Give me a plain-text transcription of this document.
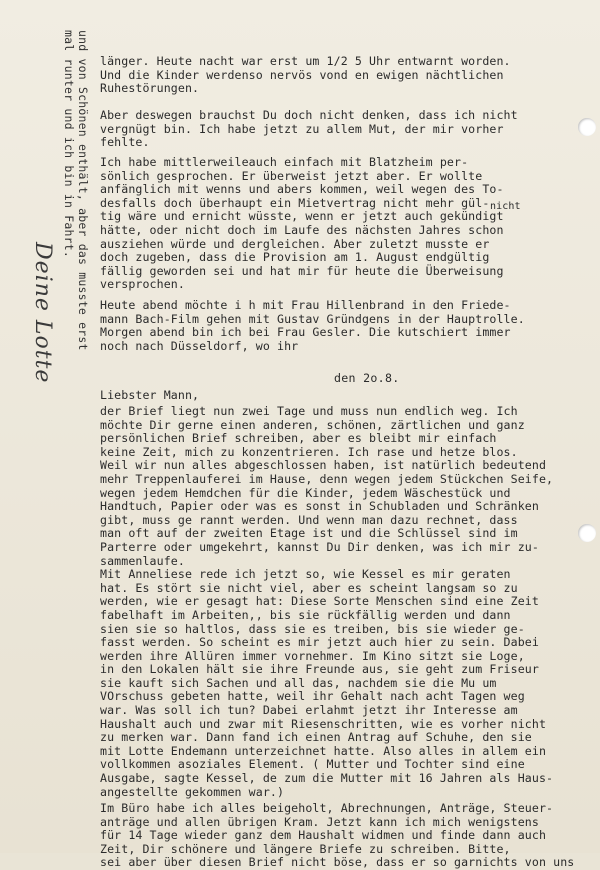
und von Schönen enthält, aber das musste erst
mal runter und ich bin in Fahrt.
Deine Lotte
länger. Heute nacht war erst um 1/2 5 Uhr entwarnt worden.
Und die Kinder werdenso nervös vond en ewigen nächtlichen
Ruhestörungen.
Aber deswegen brauchst Du doch nicht denken, dass ich nicht
vergnügt bin. Ich habe jetzt zu allem Mut, der mir vorher
fehlte.
Ich habe mittlerweileauch einfach mit Blatzheim per-
sönlich gesprochen. Er überweist jetzt aber. Er wollte
anfänglich mit wenns und abers kommen, weil wegen des To-
desfalls doch überhaupt ein Mietvertrag nicht mehr gül-
tig wäre und ernicht wüsste, wenn er jetzt auch gekündigt
hätte, oder nicht doch im Laufe des nächsten Jahres schon
ausziehen würde und dergleichen. Aber zuletzt musste er
doch zugeben, dass die Provision am 1. August endgültig
fällig geworden sei und hat mir für heute die Überweisung
versprochen.
nicht
Heute abend möchte i h mit Frau Hillenbrand in den Friede-
mann Bach-Film gehen mit Gustav Gründgens in der Hauptrolle.
Morgen abend bin ich bei Frau Gesler. Die kutschiert immer
noch nach Düsseldorf, wo ihr
den 2o.8.
Liebster Mann,
der Brief liegt nun zwei Tage und muss nun endlich weg. Ich
möchte Dir gerne einen anderen, schönen, zärtlichen und ganz
persönlichen Brief schreiben, aber es bleibt mir einfach
keine Zeit, mich zu konzentrieren. Ich rase und hetze blos.
Weil wir nun alles abgeschlossen haben, ist natürlich bedeutend
mehr Treppenlauferei im Hause, denn wegen jedem Stückchen Seife,
wegen jedem Hemdchen für die Kinder, jedem Wäschestück und
Handtuch, Papier oder was es sonst in Schubladen und Schränken
gibt, muss ge rannt werden. Und wenn man dazu rechnet, dass
man oft auf der zweiten Etage ist und die Schlüssel sind im
Parterre oder umgekehrt, kannst Du Dir denken, was ich mir zu-
sammenlaufe.
Mit Anneliese rede ich jetzt so, wie Kessel es mir geraten
hat. Es stört sie nicht viel, aber es scheint langsam so zu
werden, wie er gesagt hat: Diese Sorte Menschen sind eine Zeit
fabelhaft im Arbeiten,, bis sie rückfällig werden und dann
sien sie so haltlos, dass sie es treiben, bis sie wieder ge-
fasst werden. So scheint es mir jetzt auch hier zu sein. Dabei
werden ihre Allüren immer vornehmer. Im Kino sitzt sie Loge,
in den Lokalen hält sie ihre Freunde aus, sie geht zum Friseur
sie kauft sich Sachen und all das, nachdem sie die Mu um
VOrschuss gebeten hatte, weil ihr Gehalt nach acht Tagen weg
war. Was soll ich tun? Dabei erlahmt jetzt ihr Interesse am
Haushalt auch und zwar mit Riesenschritten, wie es vorher nicht
zu merken war. Dann fand ich einen Antrag auf Schuhe, den sie
mit Lotte Endemann unterzeichnet hatte. Also alles in allem ein
vollkommen asoziales Element. ( Mutter und Tochter sind eine
Ausgabe, sagte Kessel, de zum die Mutter mit 16 Jahren als Haus-
angestellte gekommen war.)
Im Büro habe ich alles beigeholt, Abrechnungen, Anträge, Steuer-
anträge und allen übrigen Kram. Jetzt kann ich mich wenigstens
für 14 Tage wieder ganz dem Haushalt widmen und finde dann auch
Zeit, Dir schönere und längere Briefe zu schreiben. Bitte,
sei aber über diesen Brief nicht böse, dass er so garnichts von uns
